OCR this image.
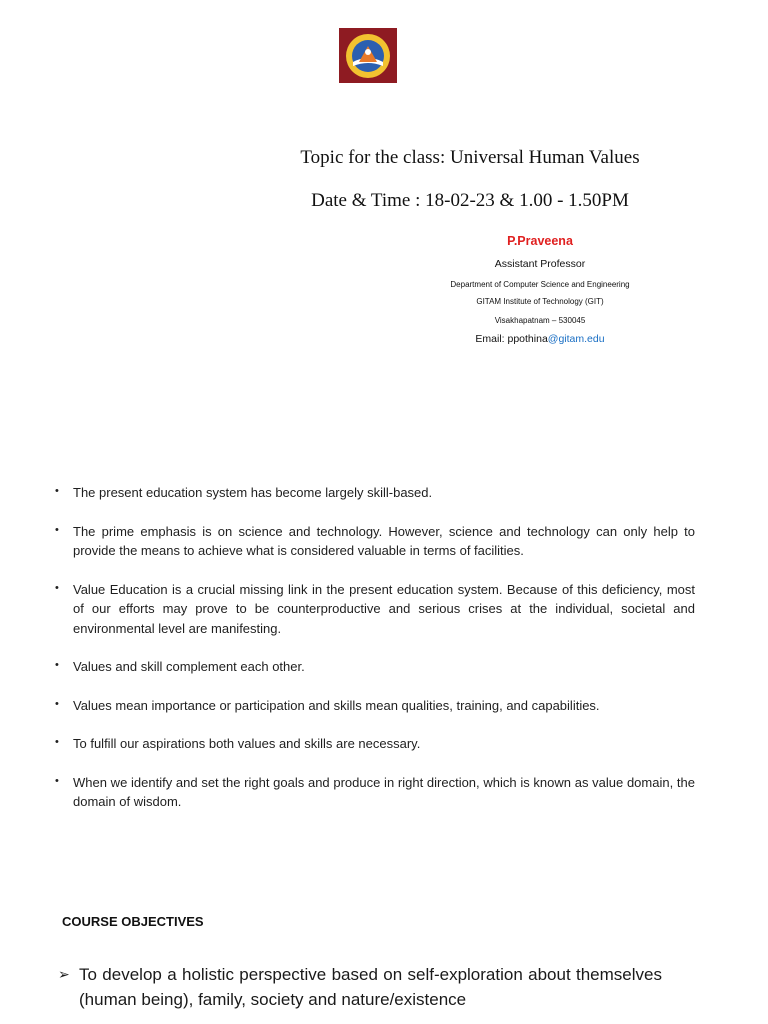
Topic for the class: Universal Human Values
Date & Time : 18-02-23 & 1.00 - 1.50PM
P.Praveena
Assistant Professor
Department of Computer Science and Engineering
GITAM Institute of Technology (GIT)
Visakhapatnam – 530045
Email: ppothina@gitam.edu
• The present education system has become largely skill-based.
• The prime emphasis is on science and technology. However, science and technology can only help to provide the means to achieve what is considered valuable in terms of facilities.
• Value Education is a crucial missing link in the present education system. Because of this deficiency, most of our efforts may prove to be counterproductive and serious crises at the individual, societal and environmental level are manifesting.
• Values and skill complement each other.
• Values mean importance or participation and skills mean qualities, training, and capabilities.
• To fulfill our aspirations both values and skills are necessary.
• When we identify and set the right goals and produce in right direction, which is known as value domain, the domain of wisdom.
COURSE OBJECTIVES
➢ To develop a holistic perspective based on self-exploration about themselves (human being), family, society and nature/existence
